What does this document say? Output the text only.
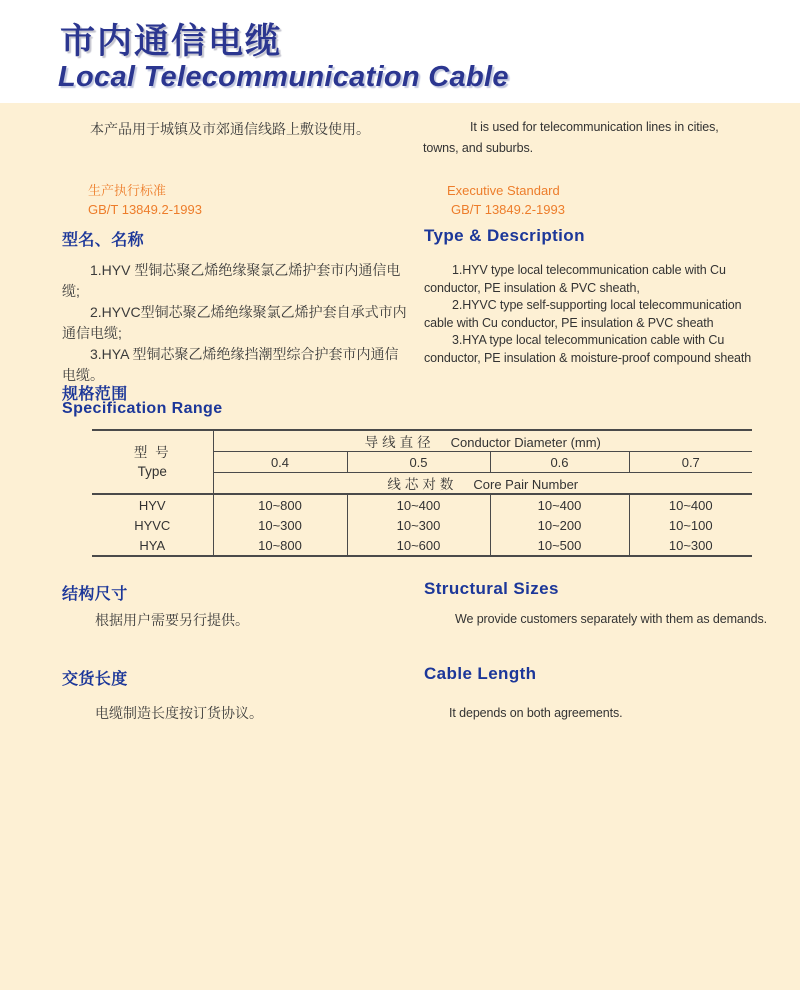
市内通信电缆
Local Telecommunication Cable

本产品用于城镇及市郊通信线路上敷设使用。	It is used for telecommunication lines in cities, towns, and suburbs.

生产执行标准
GB/T 13849.2-1993
Executive Standard
GB/T 13849.2-1993
型名、名称	Type & Description

1.HYV 型铜芯聚乙烯绝缘聚氯乙烯护套市内通信电缆;

2.HYVC型铜芯聚乙烯绝缘聚氯乙烯护套自承式市内通信电缆;

3.HYA 型铜芯聚乙烯绝缘挡潮型综合护套市内通信电缆。

1.HYV type local telecommunication cable with Cu conductor, PE insulation & PVC sheath,

2.HYVC type self-supporting local telecommunication cable with Cu conductor, PE insulation & PVC sheath

3.HYA type local telecommunication cable with Cu conductor, PE insulation & moisture-proof compound sheath

规格范围
Specification Range
型 号
Type	导线直径 Conductor Diameter (mm)			
	0.4	0.5	0.6	0.7
	线芯对数 Core Pair Number			
HYV	10~800	10~400	10~400	10~400
HYVC	10~300	10~300	10~200	10~100
HYA	10~800	10~600	10~500	10~300
结构尺寸	Structural Sizes

根据用户需要另行提供。	We provide customers separately with them as demands.

交货长度	Cable Length

电缆制造长度按订货协议。	It depends on both agreements.
